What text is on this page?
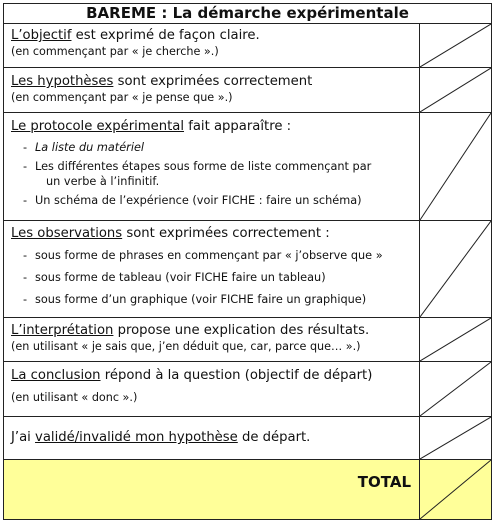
BAREME : La démarche expérimentale
L’objectif est exprimé de façon claire.
(en commençant par « je cherche ».)
Les hypothèses sont exprimées correctement
(en commençant par « je pense que ».)
Le protocole expérimental fait apparaître :
- La liste du matériel
- Les différentes étapes sous forme de liste commençant par
un verbe à l’infinitif.
- Un schéma de l’expérience (voir FICHE : faire un schéma)
Les observations sont exprimées correctement :
- sous forme de phrases en commençant par « j’observe que »
- sous forme de tableau (voir FICHE faire un tableau)
- sous forme d’un graphique (voir FICHE faire un graphique)
L’interprétation propose une explication des résultats.
(en utilisant « je sais que, j’en déduit que, car, parce que… ».)
La conclusion répond à la question (objectif de départ)
(en utilisant « donc ».)
J’ai validé/invalidé mon hypothèse de départ.
TOTAL
